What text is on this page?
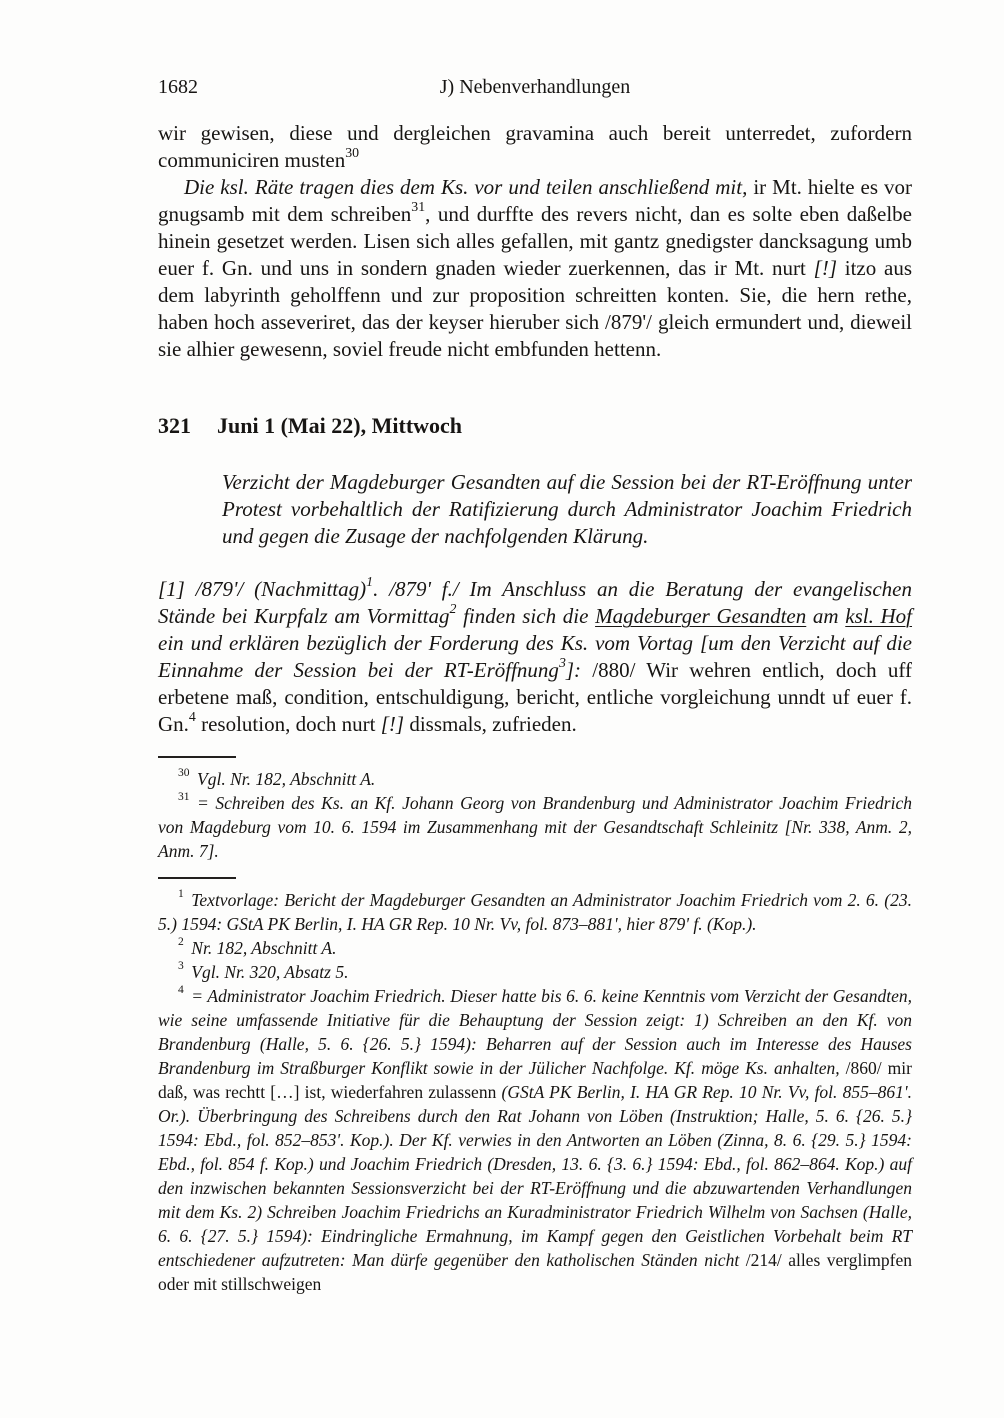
1682	J) Nebenverhandlungen

wir gewisen, diese und dergleichen gravamina auch bereit unterredet, zufordern communiciren musten$^{30}$

Die ksl. Räte tragen dies dem Ks. vor und teilen anschließend mit, ir Mt. hielte es vor gnugsamb mit dem schreiben$^{31}$, und durffte des revers nicht, dan es solte eben daßelbe hinein gesetzet werden. Lisen sich alles gefallen, mit gantz gnedigster dancksagung umb euer f. Gn. und uns in sondern gnaden wieder zuerkennen, das ir Mt. nurt [!] itzo aus dem labyrinth geholffenn und zur proposition schreitten konten. Sie, die hern rethe, haben hoch asseveriret, das der keyser hieruber sich /879'/ gleich ermundert und, dieweil sie alhier gewesenn, soviel freude nicht embfunden hettenn.

321 Juni 1 (Mai 22), Mittwoch
Verzicht der Magdeburger Gesandten auf die Session bei der RT-Eröffnung unter Protest vorbehaltlich der Ratifizierung durch Administrator Joachim Friedrich und gegen die Zusage der nachfolgenden Klärung.
[1] /879'/ (Nachmittag)$^1$. /879' f./ Im Anschluss an die Beratung der evangelischen Stände bei Kurpfalz am Vormittag$^2$ finden sich die Magdeburger Gesandten am ksl. Hof ein und erklären bezüglich der Forderung des Ks. vom Vortag [um den Verzicht auf die Einnahme der Session bei der RT-Eröffnung$^3$]: /880/ Wir wehren entlich, doch uff erbetene maß, condition, entschuldigung, bericht, entliche vorgleichung unndt uf euer f. Gn.$^4$ resolution, doch nurt [!] dissmals, zufrieden.

$^{30}$ Vgl. Nr. 182, Abschnitt A.

$^{31}$ = Schreiben des Ks. an Kf. Johann Georg von Brandenburg und Administrator Joachim Friedrich von Magdeburg vom 10. 6. 1594 im Zusammenhang mit der Gesandtschaft Schleinitz [Nr. 338, Anm. 2, Anm. 7].

$^1$ Textvorlage: Bericht der Magdeburger Gesandten an Administrator Joachim Friedrich vom 2. 6. (23. 5.) 1594: GStA PK Berlin, I. HA GR Rep. 10 Nr. Vv, fol. 873–881', hier 879' f. (Kop.).

$^2$ Nr. 182, Abschnitt A.

$^3$ Vgl. Nr. 320, Absatz 5.

$^4$ = Administrator Joachim Friedrich. Dieser hatte bis 6. 6. keine Kenntnis vom Verzicht der Gesandten, wie seine umfassende Initiative für die Behauptung der Session zeigt: 1) Schreiben an den Kf. von Brandenburg (Halle, 5. 6. {26. 5.} 1594): Beharren auf der Session auch im Interesse des Hauses Brandenburg im Straßburger Konflikt sowie in der Jülicher Nachfolge. Kf. möge Ks. anhalten, /860/ mir daß, was rechtt […] ist, wiederfahren zulassenn (GStA PK Berlin, I. HA GR Rep. 10 Nr. Vv, fol. 855–861'. Or.). Überbringung des Schreibens durch den Rat Johann von Löben (Instruktion; Halle, 5. 6. {26. 5.} 1594: Ebd., fol. 852–853'. Kop.). Der Kf. verwies in den Antworten an Löben (Zinna, 8. 6. {29. 5.} 1594: Ebd., fol. 854 f. Kop.) und Joachim Friedrich (Dresden, 13. 6. {3. 6.} 1594: Ebd., fol. 862–864. Kop.) auf den inzwischen bekannten Sessionsverzicht bei der RT-Eröffnung und die abzuwartenden Verhandlungen mit dem Ks. 2) Schreiben Joachim Friedrichs an Kuradministrator Friedrich Wilhelm von Sachsen (Halle, 6. 6. {27. 5.} 1594): Eindringliche Ermahnung, im Kampf gegen den Geistlichen Vorbehalt beim RT entschiedener aufzutreten: Man dürfe gegenüber den katholischen Ständen nicht /214/ alles verglimpfen oder mit stillschweigen
